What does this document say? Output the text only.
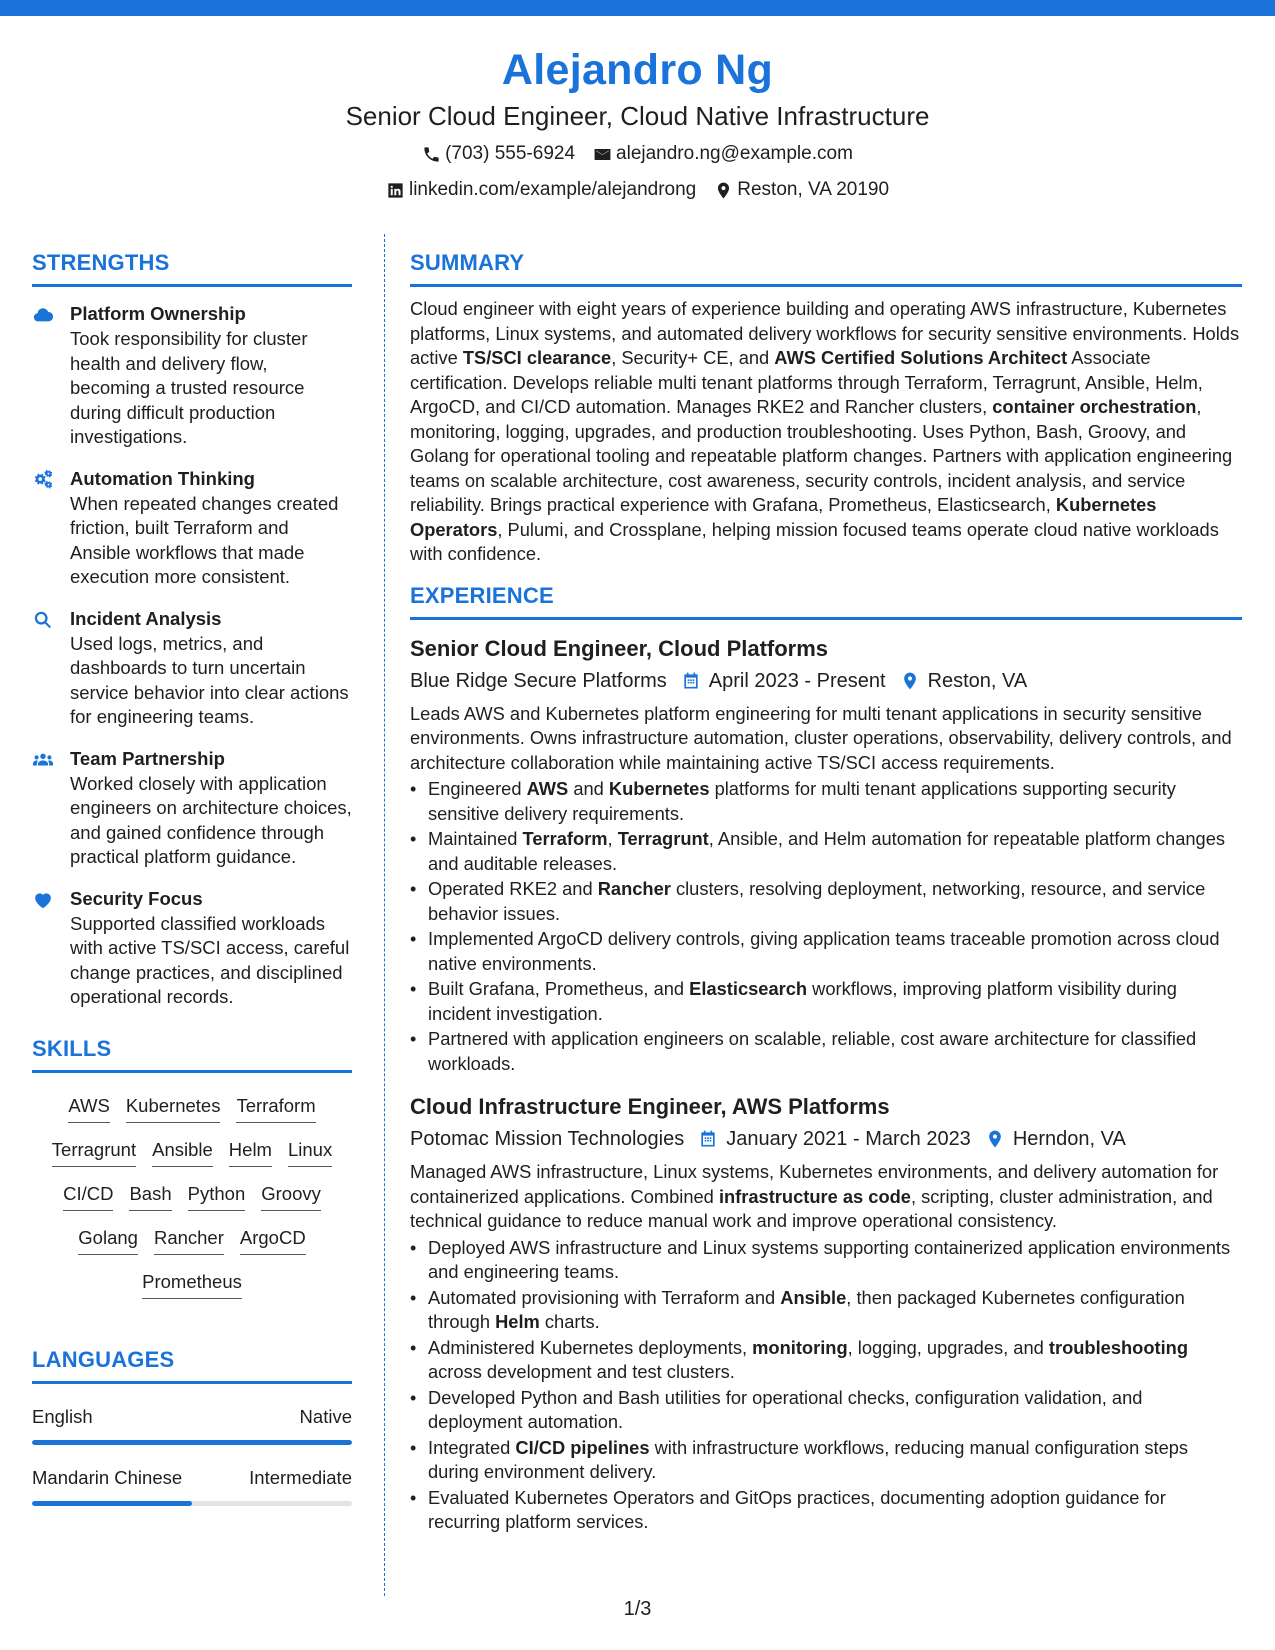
Alejandro Ng
Senior Cloud Engineer, Cloud Native Infrastructure
(703) 555-6924 alejandro.ng@example.com
linkedin.com/example/alejandrong Reston, VA 20190
STRENGTHS
Platform Ownership
Took responsibility for cluster health and delivery flow, becoming a trusted resource during difficult production investigations.
Automation Thinking
When repeated changes created friction, built Terraform and Ansible workflows that made execution more consistent.
Incident Analysis
Used logs, metrics, and dashboards to turn uncertain service behavior into clear actions for engineering teams.
Team Partnership
Worked closely with application engineers on architecture choices, and gained confidence through practical platform guidance.
Security Focus
Supported classified workloads with active TS/SCI access, careful change practices, and disciplined operational records.
SKILLS
AWS Kubernetes Terraform
Terragrunt Ansible Helm Linux
CI/CD Bash Python Groovy
Golang Rancher ArgoCD
Prometheus
LANGUAGES
English	Native
Mandarin Chinese	Intermediate
SUMMARY

Cloud engineer with eight years of experience building and operating AWS infrastructure, Kubernetes platforms, Linux systems, and automated delivery workflows for security sensitive environments. Holds active TS/SCI clearance, Security+ CE, and AWS Certified Solutions Architect Associate certification. Develops reliable multi tenant platforms through Terraform, Terragrunt, Ansible, Helm, ArgoCD, and CI/CD automation. Manages RKE2 and Rancher clusters, container orchestration, monitoring, logging, upgrades, and production troubleshooting. Uses Python, Bash, Groovy, and Golang for operational tooling and repeatable platform changes. Partners with application engineering teams on scalable architecture, cost awareness, security controls, incident analysis, and service reliability. Brings practical experience with Grafana, Prometheus, Elasticsearch, Kubernetes Operators, Pulumi, and Crossplane, helping mission focused teams operate cloud native workloads with confidence.

EXPERIENCE
Senior Cloud Engineer, Cloud Platforms
Blue Ridge Secure Platforms April 2023 - Present Reston, VA

Leads AWS and Kubernetes platform engineering for multi tenant applications in security sensitive environments. Owns infrastructure automation, cluster operations, observability, delivery controls, and architecture collaboration while maintaining active TS/SCI access requirements.

• Engineered AWS and Kubernetes platforms for multi tenant applications supporting security sensitive delivery requirements.
• Maintained Terraform, Terragrunt, Ansible, and Helm automation for repeatable platform changes and auditable releases.
• Operated RKE2 and Rancher clusters, resolving deployment, networking, resource, and service behavior issues.
• Implemented ArgoCD delivery controls, giving application teams traceable promotion across cloud native environments.
• Built Grafana, Prometheus, and Elasticsearch workflows, improving platform visibility during incident investigation.
• Partnered with application engineers on scalable, reliable, cost aware architecture for classified workloads.
Cloud Infrastructure Engineer, AWS Platforms
Potomac Mission Technologies January 2021 - March 2023 Herndon, VA

Managed AWS infrastructure, Linux systems, Kubernetes environments, and delivery automation for containerized applications. Combined infrastructure as code, scripting, cluster administration, and technical guidance to reduce manual work and improve operational consistency.

• Deployed AWS infrastructure and Linux systems supporting containerized application environments and engineering teams.
• Automated provisioning with Terraform and Ansible, then packaged Kubernetes configuration through Helm charts.
• Administered Kubernetes deployments, monitoring, logging, upgrades, and troubleshooting across development and test clusters.
• Developed Python and Bash utilities for operational checks, configuration validation, and deployment automation.
• Integrated CI/CD pipelines with infrastructure workflows, reducing manual configuration steps during environment delivery.
• Evaluated Kubernetes Operators and GitOps practices, documenting adoption guidance for recurring platform services.
1/3
